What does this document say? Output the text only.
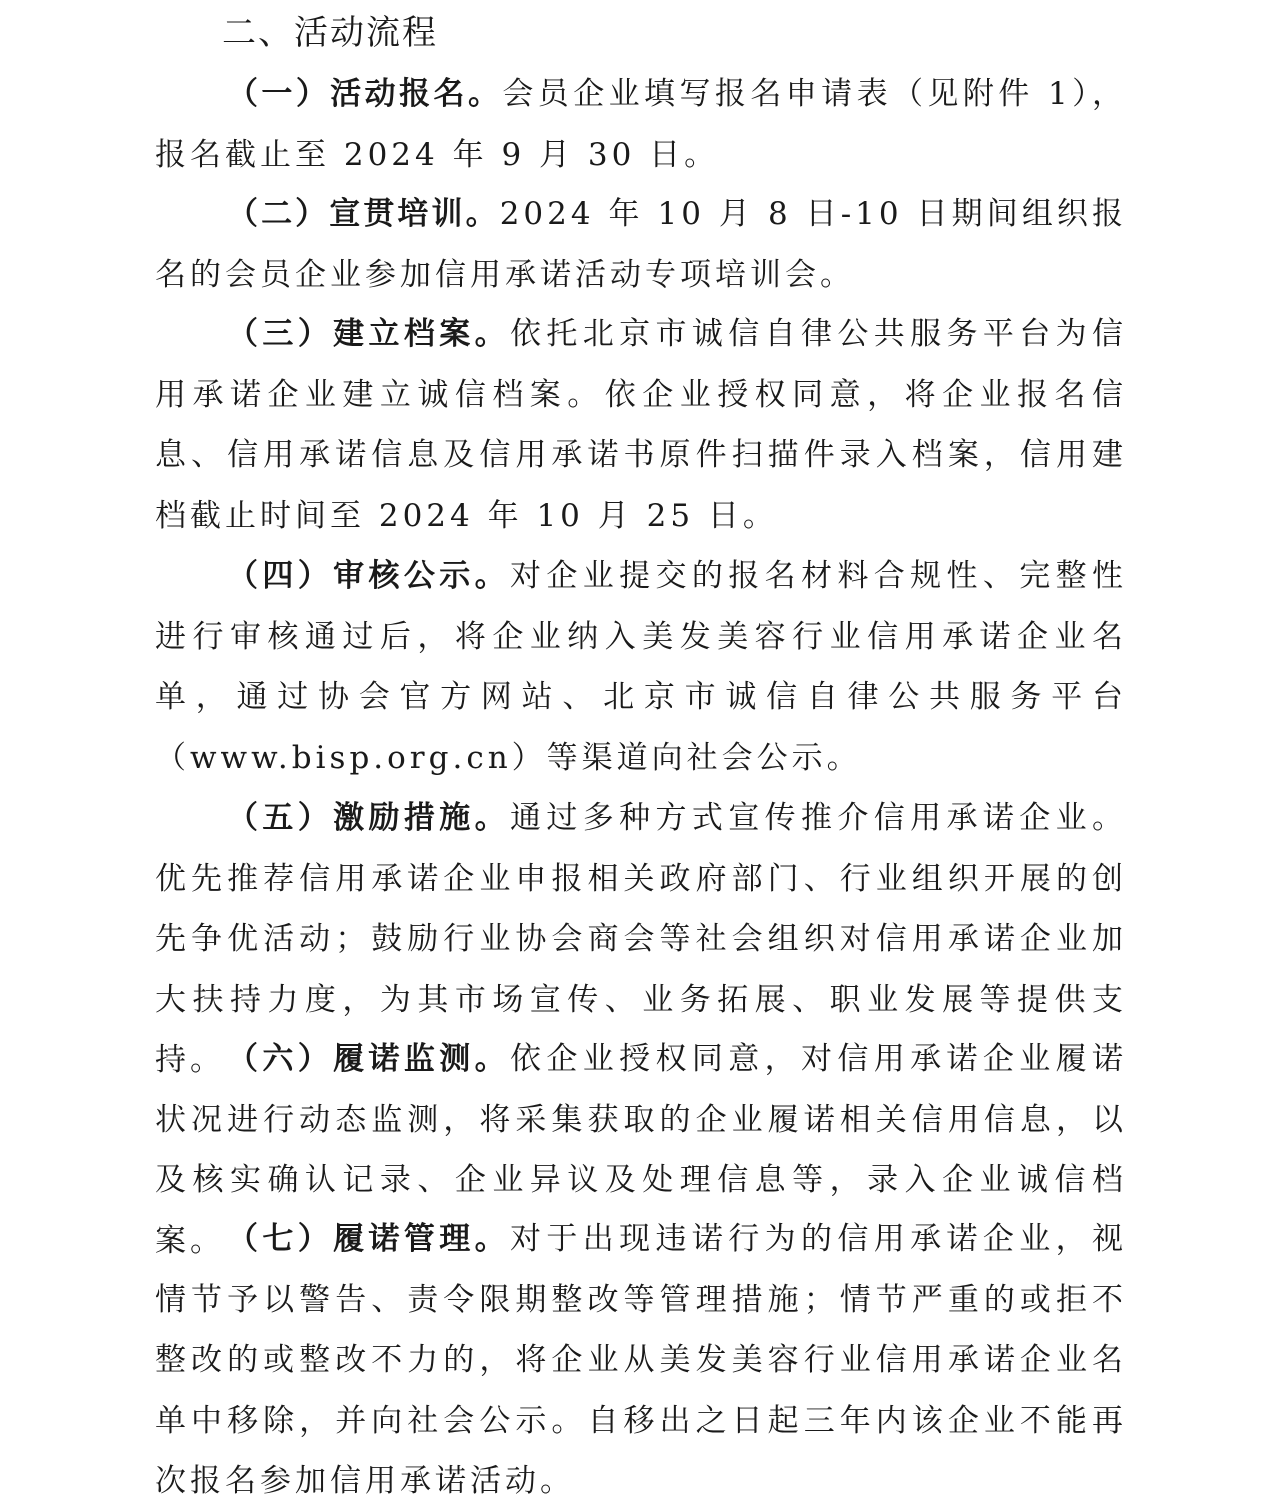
二、活动流程

（一）活动报名。会员企业填写报名申请表（见附件 1），报名截止至 2024 年 9 月 30 日。

（二）宣贯培训。2024 年 10 月 8 日-10 日期间组织报名的会员企业参加信用承诺活动专项培训会。

（三）建立档案。依托北京市诚信自律公共服务平台为信用承诺企业建立诚信档案。依企业授权同意，将企业报名信息、信用承诺信息及信用承诺书原件扫描件录入档案，信用建档截止时间至 2024 年 10 月 25 日。

（四）审核公示。对企业提交的报名材料合规性、完整性进行审核通过后，将企业纳入美发美容行业信用承诺企业名单，通过协会官方网站、北京市诚信自律公共服务平台（www.bisp.org.cn）等渠道向社会公示。

（五）激励措施。通过多种方式宣传推介信用承诺企业。优先推荐信用承诺企业申报相关政府部门、行业组织开展的创先争优活动；鼓励行业协会商会等社会组织对信用承诺企业加大扶持力度，为其市场宣传、业务拓展、职业发展等提供支持。 （六）履诺监测。依企业授权同意，对信用承诺企业履诺状况进行动态监测，将采集获取的企业履诺相关信用信息，以及核实确认记录、企业异议及处理信息等，录入企业诚信档案。 （七）履诺管理。对于出现违诺行为的信用承诺企业，视情节予以警告、责令限期整改等管理措施；情节严重的或拒不整改的或整改不力的，将企业从美发美容行业信用承诺企业名单中移除，并向社会公示。自移出之日起三年内该企业不能再次报名参加信用承诺活动。
